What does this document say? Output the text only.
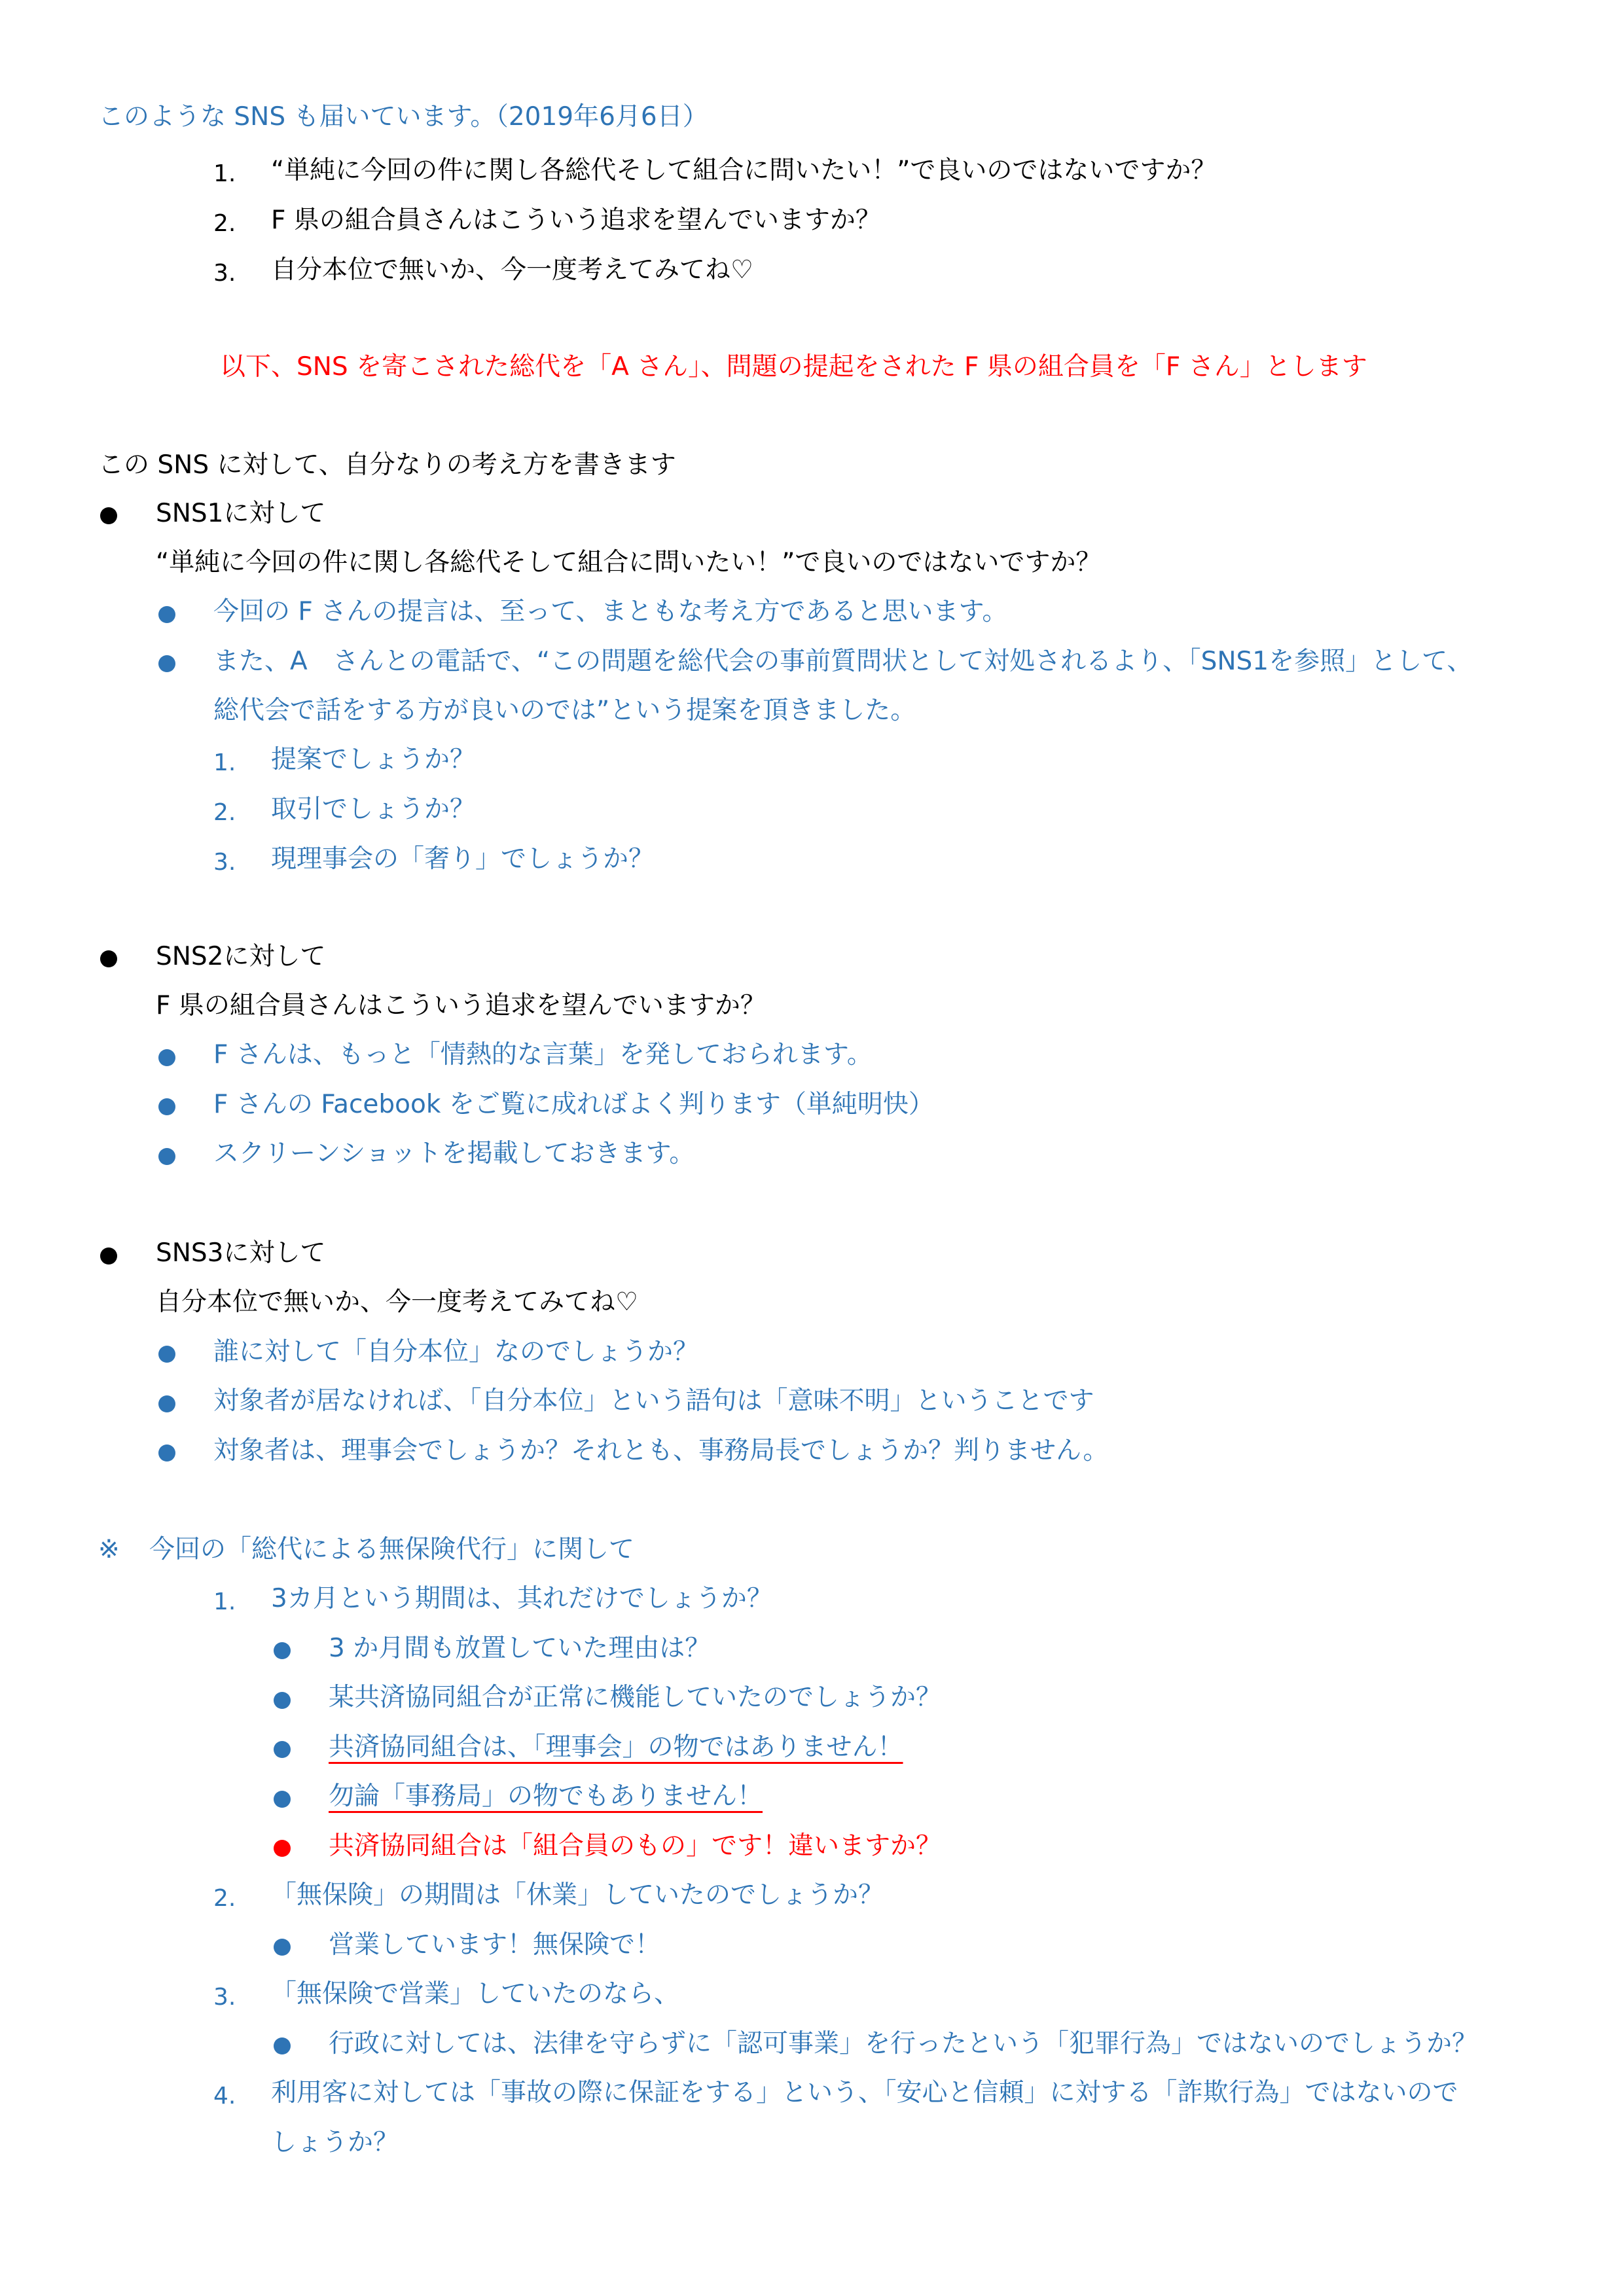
このような SNS も届いています。（2019年6月6日）
1. “単純に今回の件に関し各総代そして組合に問いたい！”で良いのではないですか？
2. F 県の組合員さんはこういう追求を望んでいますか？
3. 自分本位で無いか、今一度考えてみてね♡
以下、SNS を寄こされた総代を「A さん」、問題の提起をされた F 県の組合員を「F さん」とします
この SNS に対して、自分なりの考え方を書きます
SNS1に対して
“単純に今回の件に関し各総代そして組合に問いたい！”で良いのではないですか？
今回の F さんの提言は、至って、まともな考え方であると思います。
また、A　さんとの電話で、“この問題を総代会の事前質問状として対処されるより、「SNS1を参照」として、
総代会で話をする方が良いのでは”という提案を頂きました。
1. 提案でしょうか？
2. 取引でしょうか？
3. 現理事会の「奢り」でしょうか？
SNS2に対して
F 県の組合員さんはこういう追求を望んでいますか？
F さんは、もっと「情熱的な言葉」を発しておられます。
F さんの Facebook をご覧に成ればよく判ります（単純明快）
スクリーンショットを掲載しておきます。
SNS3に対して
自分本位で無いか、今一度考えてみてね♡
誰に対して「自分本位」なのでしょうか？
対象者が居なければ、「自分本位」という語句は「意味不明」ということです
対象者は、理事会でしょうか？それとも、事務局長でしょうか？判りません。
※ 今回の「総代による無保険代行」に関して
1. 3カ月という期間は、其れだけでしょうか？
3 か月間も放置していた理由は？
某共済協同組合が正常に機能していたのでしょうか？
共済協同組合は、「理事会」の物ではありません！
勿論「事務局」の物でもありません！
共済協同組合は「組合員のもの」です！違いますか？
2. 「無保険」の期間は「休業」していたのでしょうか？
営業しています！無保険で！
3. 「無保険で営業」していたのなら、
行政に対しては、法律を守らずに「認可事業」を行ったという「犯罪行為」ではないのでしょうか？
4. 利用客に対しては「事故の際に保証をする」という、「安心と信頼」に対する「詐欺行為」ではないので
しょうか？
